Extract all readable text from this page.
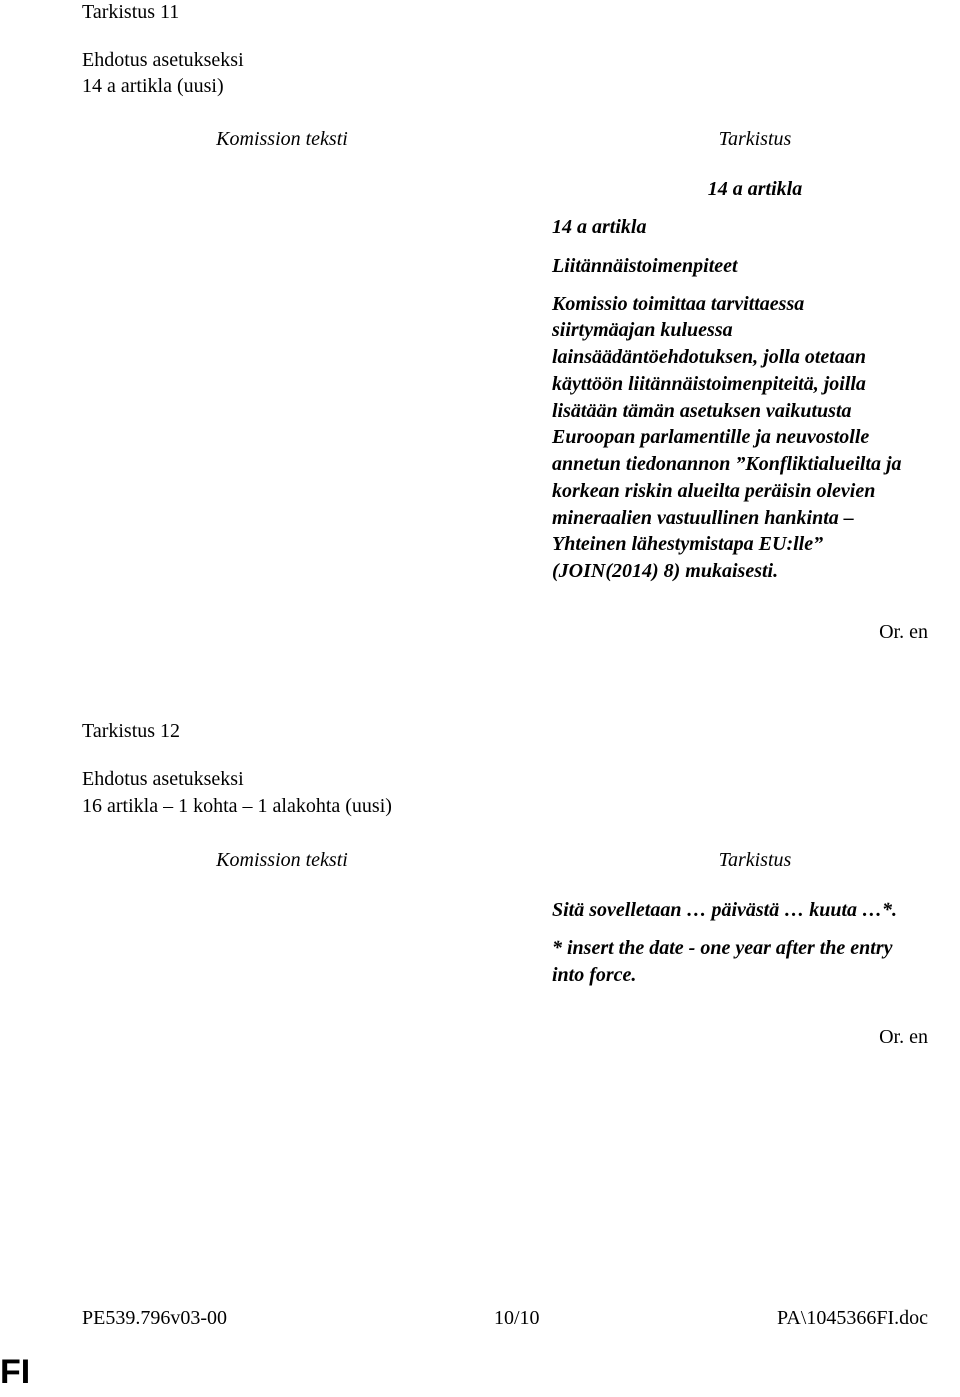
Tarkistus 11
Ehdotus asetukseksi
14 a artikla (uusi)
Komission teksti	Tarkistus
14 a artikla
14 a artikla
Liitännäistoimenpiteet
Komissio toimittaa tarvittaessa
siirtymäajan kuluessa
lainsäädäntöehdotuksen, jolla otetaan
käyttöön liitännäistoimenpiteitä, joilla
lisätään tämän asetuksen vaikutusta
Euroopan parlamentille ja neuvostolle
annetun tiedonannon ”Konfliktialueilta ja
korkean riskin alueilta peräisin olevien
mineraalien vastuullinen hankinta –
Yhteinen lähestymistapa EU:lle”
(JOIN(2014) 8) mukaisesti.
Or. en
Tarkistus 12
Ehdotus asetukseksi
16 artikla – 1 kohta – 1 alakohta (uusi)
Komission teksti	Tarkistus
Sitä sovelletaan … päivästä … kuuta …*.
* insert the date - one year after the entry
into force.
Or. en
PE539.796v03-00	10/10	PA\1045366FI.doc
FI
